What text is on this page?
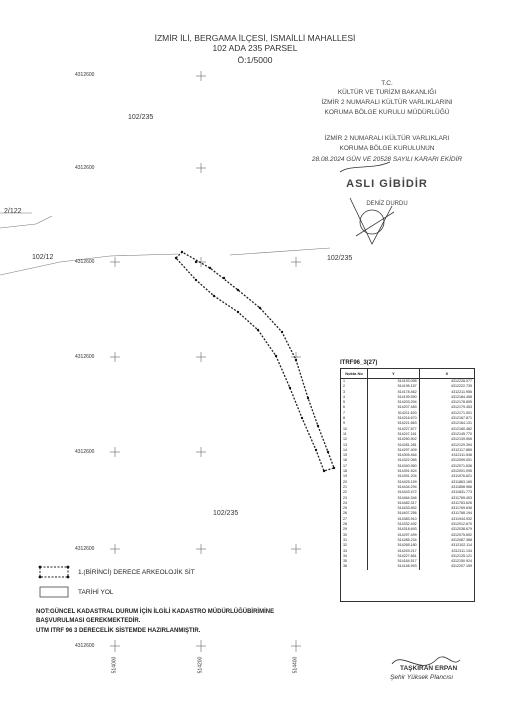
İZMİR İLİ, BERGAMA İLÇESİ, İSMAİLLİ MAHALLESİ
102 ADA 235 PARSEL
Ö:1/5000
4312600
4312600
4312600
4312600
4312600
4312600
4312600
514000	514200	514400
102/235
102/235
102/235
2/122
102/12
T.C.
KÜLTÜR VE TURİZM BAKANLIĞI
İZMİR 2 NUMARALI KÜLTÜR VARLIKLARINI
KORUMA BÖLGE KURULU MÜDÜRLÜĞÜ
İZMİR 2 NUMARALI KÜLTÜR VARLIKLARI
KORUMA BÖLGE KURULUNUN
28.08.2024 GÜN VE 20528 SAYILI KARARI EKİDİR
ASLI GİBİDİR
DENİZ DURDU
ITRF96_3(27)
Nokta No	Y	X
1	514193.095	4312228.077
2	514195.157	4312222.735
3	514178.462	4312211.956
4	514199.590	4312184.458
5	514203.294	4312178.895
6	514207.483	4312179.453
7	514211.620	4312171.001
8	514216.670	4312167.871
9	514221.663	4312164.131
10	514227.877	4312160.462
11	514247.161	4312145.770
12	514250.502	4312139.506
13	514281.281	4312129.394
14	514297.409	4312117.865
15	514305.464	4312111.546
16	514322.065	4312099.051
17	514340.950	4312071.636
18	514391.524	4312001.095
19	514391.204	4311976.621
20	514425.159	4311863.165
21	514434.294	4311858.966
22	514443.472	4311831.773
23	514464.346	4311769.403
24	514482.317	4311763.626
25	514433.892	4311769.636
26	514407.256	4311768.194
27	514383.910	4311944.932
28	514332.492	4312012.670
29	514318.693	4312038.679
30	514297.499	4312075.692
31	514285.234	4312087.368
32	514265.180	4312102.114
33	514249.217	4312111.134
34	514227.661	4312125.121
35	514164.517	4312150.924
36	514146.993	4312207.159
1.(BİRİNCİ) DERECE ARKEOLOJİK SİT
TARİHİ YOL
NOT:GÜNCEL KADASTRAL DURUM İÇİN İLGİLİ KADASTRO MÜDÜRLÜĞÜBİRİMİNE
BAŞVURULMASI GEREKMEKTEDİR.
UTM ITRF 96 3 DERECELİK SİSTEMDE HAZIRLANMIŞTIR.
TAŞKIRAN ERPAN
Şehir Yüksek Plancısı
